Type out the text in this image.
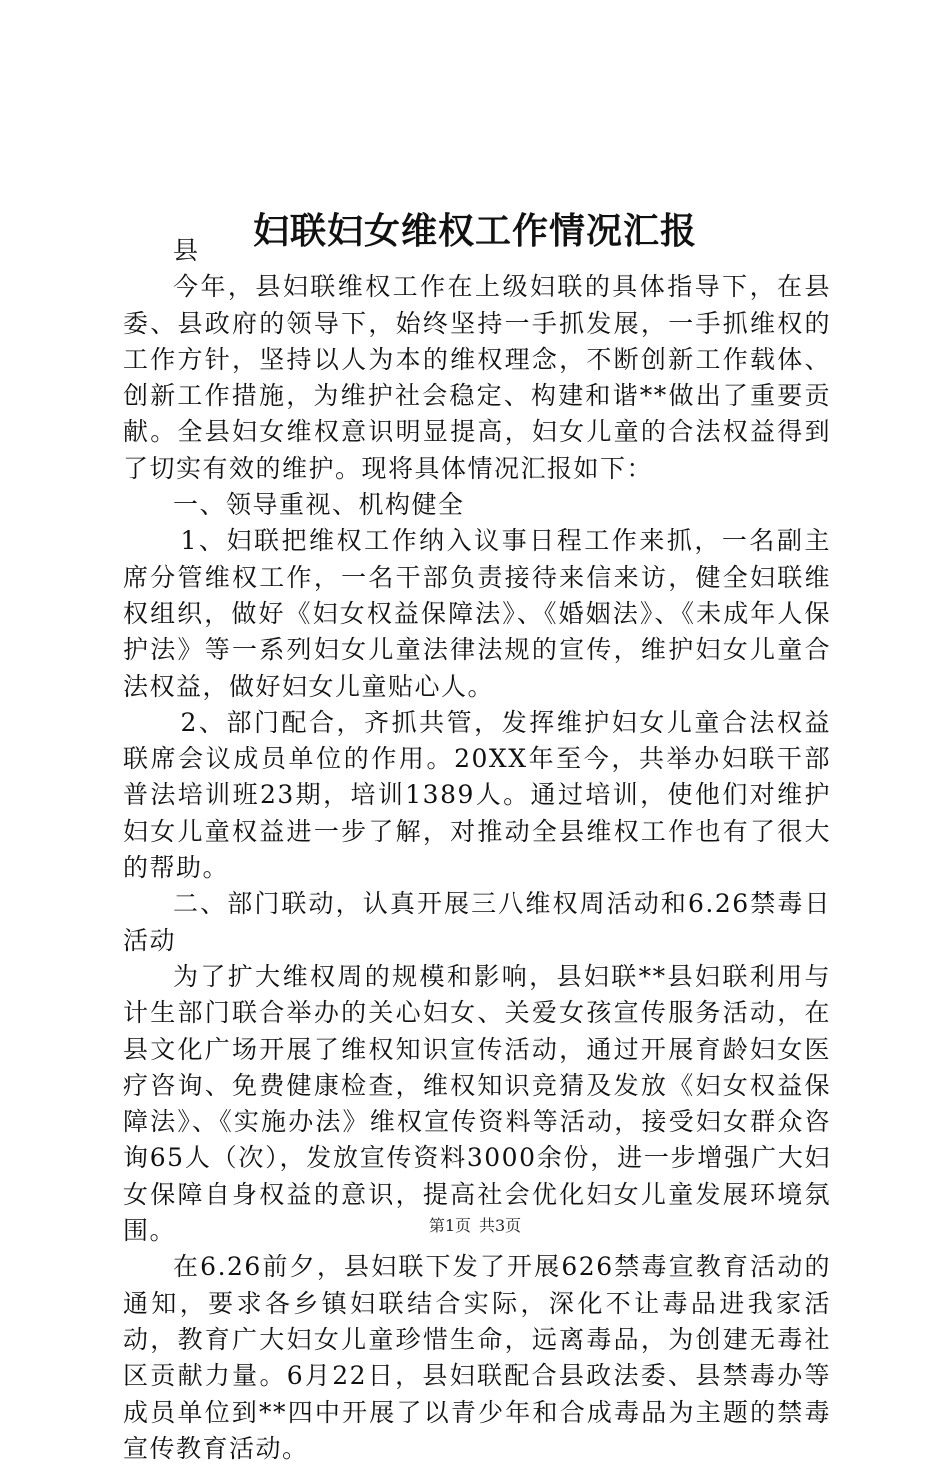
妇联妇女维权工作情况汇报

县

今年，县妇联维权工作在上级妇联的具体指导下，在县委、县政府的领导下，始终坚持一手抓发展，一手抓维权的工作方针，坚持以人为本的维权理念，不断创新工作载体、创新工作措施，为维护社会稳定、构建和谐**做出了重要贡献。全县妇女维权意识明显提高，妇女儿童的合法权益得到了切实有效的维护。现将具体情况汇报如下：

一、领导重视、机构健全

1、妇联把维权工作纳入议事日程工作来抓，一名副主席分管维权工作，一名干部负责接待来信来访，健全妇联维权组织，做好《妇女权益保障法》、《婚姻法》、《未成年人保护法》等一系列妇女儿童法律法规的宣传，维护妇女儿童合法权益，做好妇女儿童贴心人。

2、部门配合，齐抓共管，发挥维护妇女儿童合法权益联席会议成员单位的作用。20XX年至今，共举办妇联干部普法培训班23期，培训1389人。通过培训，使他们对维护妇女儿童权益进一步了解，对推动全县维权工作也有了很大的帮助。

二、部门联动，认真开展三八维权周活动和6.26禁毒日活动

为了扩大维权周的规模和影响，县妇联**县妇联利用与计生部门联合举办的关心妇女、关爱女孩宣传服务活动，在县文化广场开展了维权知识宣传活动，通过开展育龄妇女医疗咨询、免费健康检查，维权知识竞猜及发放《妇女权益保障法》、《实施办法》维权宣传资料等活动，接受妇女群众咨询65人（次），发放宣传资料3000余份，进一步增强广大妇女保障自身权益的意识，提高社会优化妇女儿童发展环境氛围。

在6.26前夕，县妇联下发了开展626禁毒宣教育活动的通知，要求各乡镇妇联结合实际，深化不让毒品进我家活动，教育广大妇女儿童珍惜生命，远离毒品，为创建无毒社区贡献力量。6月22日，县妇联配合县政法委、县禁毒办等成员单位到**四中开展了以青少年和合成毒品为主题的禁毒宣传教育活动。

第1页 共3页
